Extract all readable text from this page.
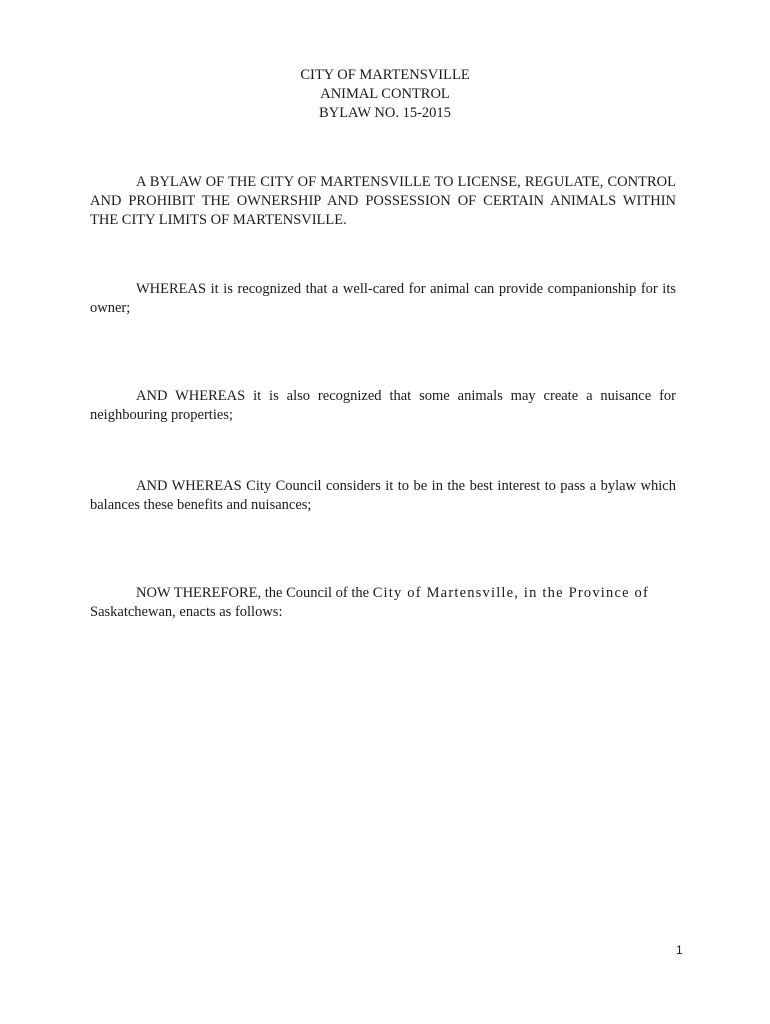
CITY OF MARTENSVILLE
ANIMAL CONTROL
BYLAW NO. 15-2015

A BYLAW OF THE CITY OF MARTENSVILLE TO LICENSE, REGULATE, CONTROL AND PROHIBIT THE OWNERSHIP AND POSSESSION OF CERTAIN ANIMALS WITHIN THE CITY LIMITS OF MARTENSVILLE.

WHEREAS it is recognized that a well-cared for animal can provide companionship for its owner;

AND WHEREAS it is also recognized that some animals may create a nuisance for neighbouring properties;

AND WHEREAS City Council considers it to be in the best interest to pass a bylaw which balances these benefits and nuisances;

NOW THEREFORE, the Council of the City of Martensville, in the Province of Saskatchewan, enacts as follows:

1
